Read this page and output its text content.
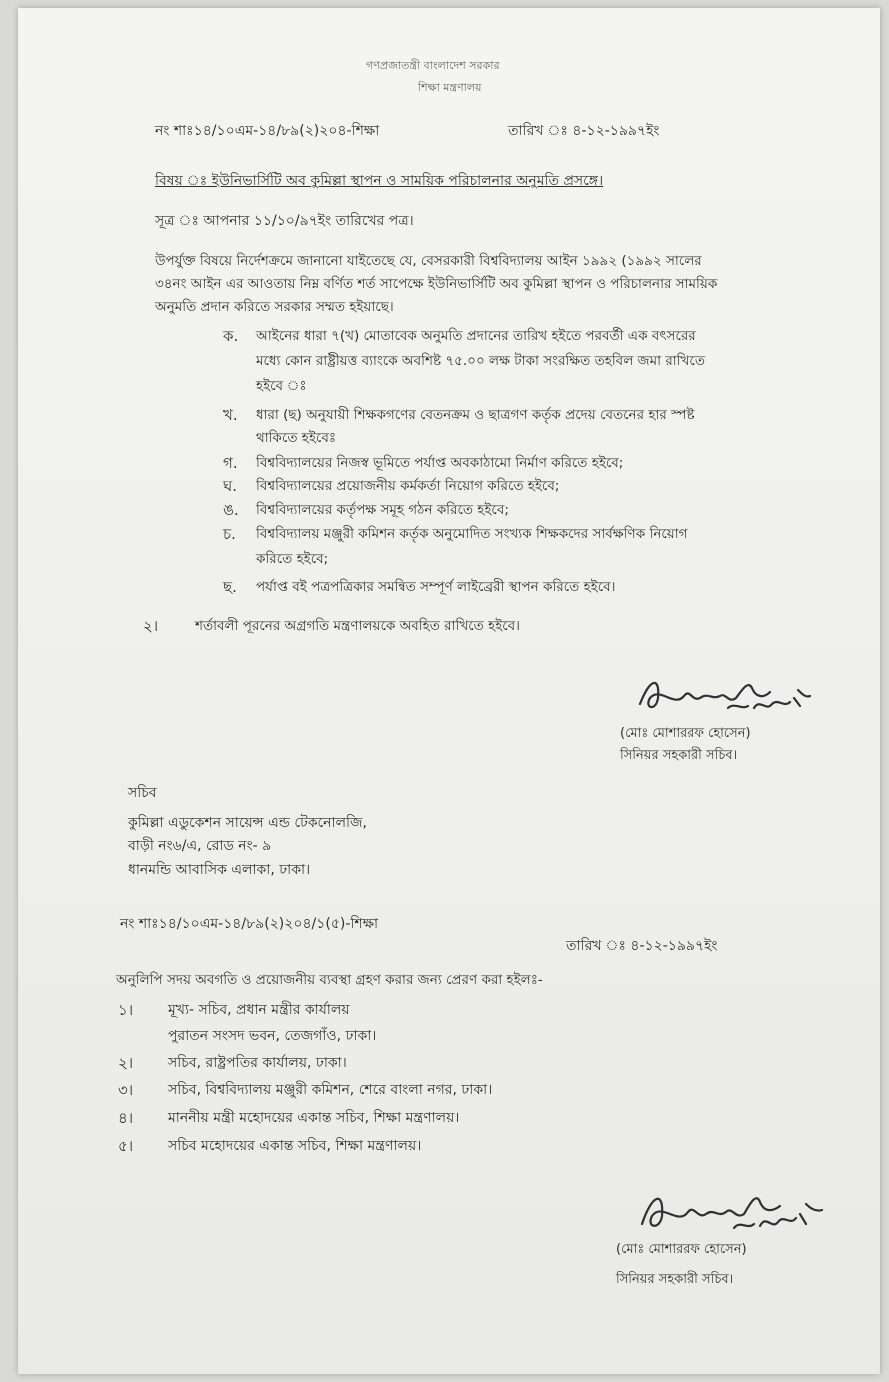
গণপ্রজাতন্ত্রী বাংলাদেশ সরকার
শিক্ষা মন্ত্রণালয়
নং শাঃ১৪/১০এম-১৪/৮৯(২)২০৪-শিক্ষা	তারিখ ঃ ৪-১২-১৯৯৭ইং
বিষয় ঃ ইউনিভার্সিটি অব কুমিল্লা স্থাপন ও সাময়িক পরিচালনার অনুমতি প্রসঙ্গে।
সূত্র ঃ আপনার ১১/১০/৯৭ইং তারিখের পত্র।
উপর্যুক্ত বিষয়ে নির্দেশক্রমে জানানো যাইতেছে যে, বেসরকারী বিশ্ববিদ্যালয় আইন ১৯৯২ (১৯৯২ সালের
৩৪নং আইন এর আওতায় নিম্ন বর্ণিত শর্ত সাপেক্ষে ইউনিভার্সিটি অব কুমিল্লা স্থাপন ও পরিচালনার সাময়িক
অনুমতি প্রদান করিতে সরকার সম্মত হইয়াছে।
ক. আইনের ধারা ৭(খ) মোতাবেক অনুমতি প্রদানের তারিখ হইতে পরবর্তী এক বৎসরের
মধ্যে কোন রাষ্ট্রীয়ত্ত ব্যাংকে অবশিষ্ট ৭৫.০০ লক্ষ টাকা সংরক্ষিত তহবিল জমা রাখিতে
হইবে ঃ
খ. ধারা (ছ) অনুযায়ী শিক্ষকগণের বেতনক্রম ও ছাত্রগণ কর্তৃক প্রদেয় বেতনের হার স্পষ্ট
থাকিতে হইবেঃ
গ. বিশ্ববিদ্যালয়ের নিজস্ব ভূমিতে পর্যাপ্ত অবকাঠামো নির্মাণ করিতে হইবে;
ঘ. বিশ্ববিদ্যালয়ের প্রয়োজনীয় কর্মকর্তা নিয়োগ করিতে হইবে;
ঙ. বিশ্ববিদ্যালয়ের কর্তৃপক্ষ সমূহ গঠন করিতে হইবে;
চ. বিশ্ববিদ্যালয় মঞ্জুরী কমিশন কর্তৃক অনুমোদিত সংখ্যক শিক্ষকদের সার্বক্ষণিক নিয়োগ
করিতে হইবে;
ছ. পর্যাপ্ত বই পত্রপত্রিকার সমন্বিত সম্পূর্ণ লাইব্রেরী স্থাপন করিতে হইবে।
২।	শর্তাবলী পূরনের অগ্রগতি মন্ত্রণালয়কে অবহিত রাখিতে হইবে।
(মোঃ মোশাররফ হোসেন)
সিনিয়র সহকারী সচিব।
সচিব
কুমিল্লা এডুকেশন সায়েন্স এন্ড টেকনোলজি,
বাড়ী নং৬/এ, রোড নং- ৯
ধানমন্ডি আবাসিক এলাকা, ঢাকা।
নং শাঃ১৪/১০এম-১৪/৮৯(২)২০৪/১(৫)-শিক্ষা
তারিখ ঃ ৪-১২-১৯৯৭ইং
অনুলিপি সদয় অবগতি ও প্রয়োজনীয় ব্যবস্থা গ্রহণ করার জন্য প্রেরণ করা হইলঃ-
১। মূখ্য- সচিব, প্রধান মন্ত্রীর কার্যালয়
পুরাতন সংসদ ভবন, তেজগাঁও, ঢাকা।
২। সচিব, রাষ্ট্রপতির কার্যালয়, ঢাকা।
৩। সচিব, বিশ্ববিদ্যালয় মঞ্জুরী কমিশন, শেরে বাংলা নগর, ঢাকা।
৪। মাননীয় মন্ত্রী মহোদয়ের একান্ত সচিব, শিক্ষা মন্ত্রণালয়।
৫। সচিব মহোদয়ের একান্ত সচিব, শিক্ষা মন্ত্রণালয়।
(মোঃ মোশাররফ হোসেন)
সিনিয়র সহকারী সচিব।
